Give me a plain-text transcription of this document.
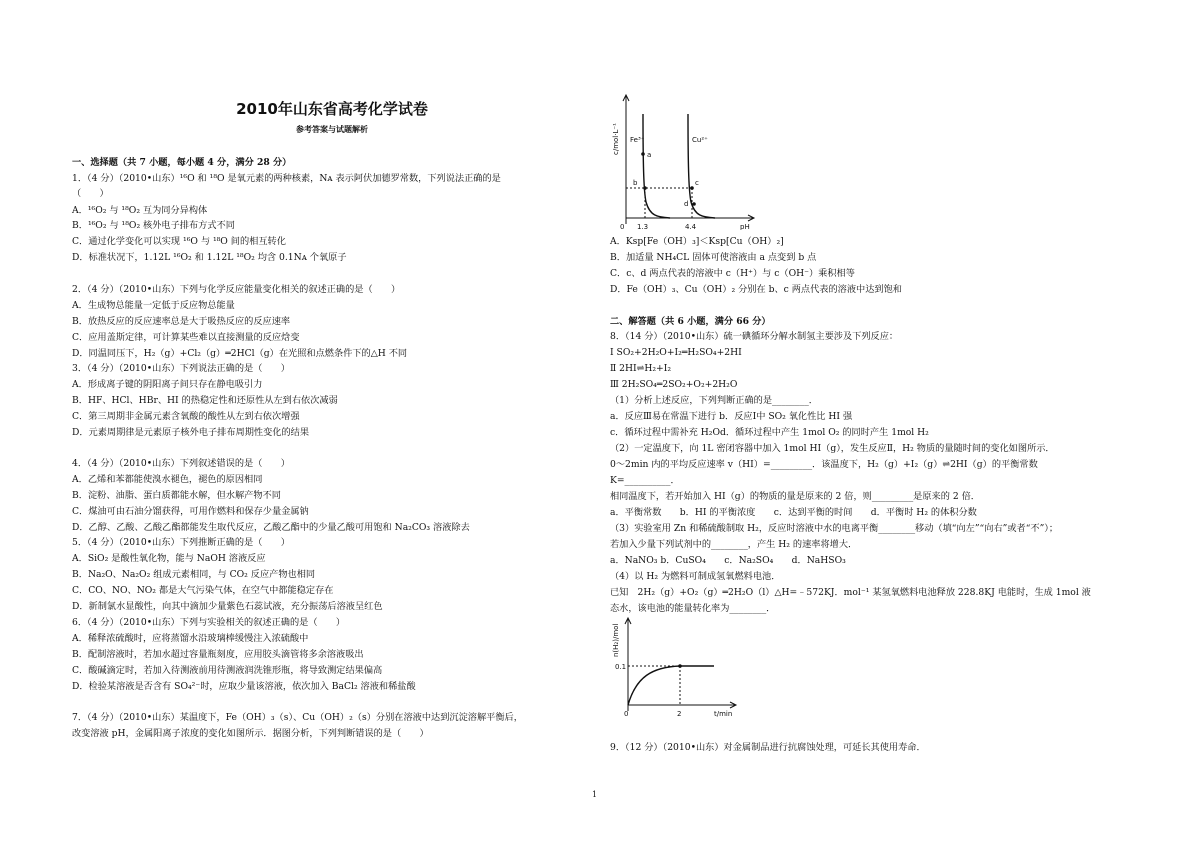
2010年山东省高考化学试卷
参考答案与试题解析
一、选择题（共 7 小题，每小题 4 分，满分 28 分）
1．（4 分）（2010•山东）¹⁶O 和 ¹⁸O 是氧元素的两种核素，Nᴀ 表示阿伏加德罗常数，下列说法正确的是
（　　）
A．¹⁶O₂ 与 ¹⁸O₂ 互为同分异构体
B．¹⁶O₂ 与 ¹⁸O₂ 核外电子排布方式不同
C．通过化学变化可以实现 ¹⁶O 与 ¹⁸O 间的相互转化
D．标准状况下，1.12L ¹⁶O₂ 和 1.12L ¹⁸O₂ 均含 0.1Nᴀ 个氧原子
2．（4 分）（2010•山东）下列与化学反应能量变化相关的叙述正确的是（　　）
A．生成物总能量一定低于反应物总能量
B．放热反应的反应速率总是大于吸热反应的反应速率
C．应用盖斯定律，可计算某些难以直接测量的反应焓变
D．同温同压下，H₂（g）+Cl₂（g）═2HCl（g）在光照和点燃条件下的△H 不同
3．（4 分）（2010•山东）下列说法正确的是（　　）
A．形成离子键的阴阳离子间只存在静电吸引力
B．HF、HCl、HBr、HI 的热稳定性和还原性从左到右依次减弱
C．第三周期非金属元素含氧酸的酸性从左到右依次增强
D．元素周期律是元素原子核外电子排布周期性变化的结果
4．（4 分）（2010•山东）下列叙述错误的是（　　）
A．乙烯和苯都能使溴水褪色，褪色的原因相同
B．淀粉、油脂、蛋白质都能水解，但水解产物不同
C．煤油可由石油分馏获得，可用作燃料和保存少量金属钠
D．乙醇、乙酸、乙酸乙酯都能发生取代反应，乙酸乙酯中的少量乙酸可用饱和 Na₂CO₃ 溶液除去
5．（4 分）（2010•山东）下列推断正确的是（　　）
A．SiO₂ 是酸性氧化物，能与 NaOH 溶液反应
B．Na₂O、Na₂O₂ 组成元素相同，与 CO₂ 反应产物也相同
C．CO、NO、NO₂ 都是大气污染气体，在空气中都能稳定存在
D．新制氯水显酸性，向其中滴加少量紫色石蕊试液，充分振荡后溶液呈红色
6．（4 分）（2010•山东）下列与实验相关的叙述正确的是（　　）
A．稀释浓硫酸时，应将蒸馏水沿玻璃棒缓慢注入浓硫酸中
B．配制溶液时，若加水超过容量瓶刻度，应用胶头滴管将多余溶液吸出
C．酸碱滴定时，若加入待测液前用待测液润洗锥形瓶，将导致测定结果偏高
D．检验某溶液是否含有 SO₄²⁻时，应取少量该溶液，依次加入 BaCl₂ 溶液和稀盐酸
7．（4 分）（2010•山东）某温度下，Fe（OH）₃（s）、Cu（OH）₂（s）分别在溶液中达到沉淀溶解平衡后，
改变溶液 pH，金属阳离子浓度的变化如图所示．据图分析，下列判断错误的是（　　）
c/mol·L⁻¹
pH
0 1.3	4.4
Fe³⁺	Cu²⁺
a
b	c
d
n(H₂)/mol
0.1
0	2	t/min
A．Ksp[Fe（OH）₃]＜Ksp[Cu（OH）₂]
B．加适量 NH₄CL 固体可使溶液由 a 点变到 b 点
C．c、d 两点代表的溶液中 c（H⁺）与 c（OH⁻）乘积相等
D．Fe（OH）₃、Cu（OH）₂ 分别在 b、c 两点代表的溶液中达到饱和
二、解答题（共 6 小题，满分 66 分）
8．（14 分）（2010•山东）硫一碘循环分解水制氢主要涉及下列反应：
Ⅰ SO₂+2H₂O+I₂═H₂SO₄+2HI
Ⅱ 2HI⇌H₂+I₂
Ⅲ 2H₂SO₄═2SO₂+O₂+2H₂O
（1）分析上述反应，下列判断正确的是________．
a．反应Ⅲ易在常温下进行 b．反应Ⅰ中 SO₂ 氧化性比 HI 强
c．循环过程中需补充 H₂Od．循环过程中产生 1mol O₂ 的同时产生 1mol H₂
（2）一定温度下，向 1L 密闭容器中加入 1mol HI（g），发生反应Ⅱ，H₂ 物质的量随时间的变化如图所示．
0～2min 内的平均反应速率 v（HI）=_________．该温度下，H₂（g）+I₂（g）⇌2HI（g）的平衡常数
K=__________．
相同温度下，若开始加入 HI（g）的物质的量是原来的 2 倍，则_________是原来的 2 倍．
a．平衡常数　　b．HI 的平衡浓度　　c．达到平衡的时间　　d．平衡时 H₂ 的体积分数
（3）实验室用 Zn 和稀硫酸制取 H₂，反应时溶液中水的电离平衡________移动（填“向左”“向右”或者“不”）；
若加入少量下列试剂中的________，产生 H₂ 的速率将增大．
a．NaNO₃ b．CuSO₄　　c．Na₂SO₄　　d．NaHSO₃
（4）以 H₂ 为燃料可制成氢氧燃料电池．
已知　2H₂（g）+O₂（g）═2H₂O（l）△H=﹣572KJ．mol⁻¹ 某氢氧燃料电池释放 228.8KJ 电能时，生成 1mol 液
态水，该电池的能量转化率为________．
9．（12 分）（2010•山东）对金属制品进行抗腐蚀处理，可延长其使用寿命．
1
